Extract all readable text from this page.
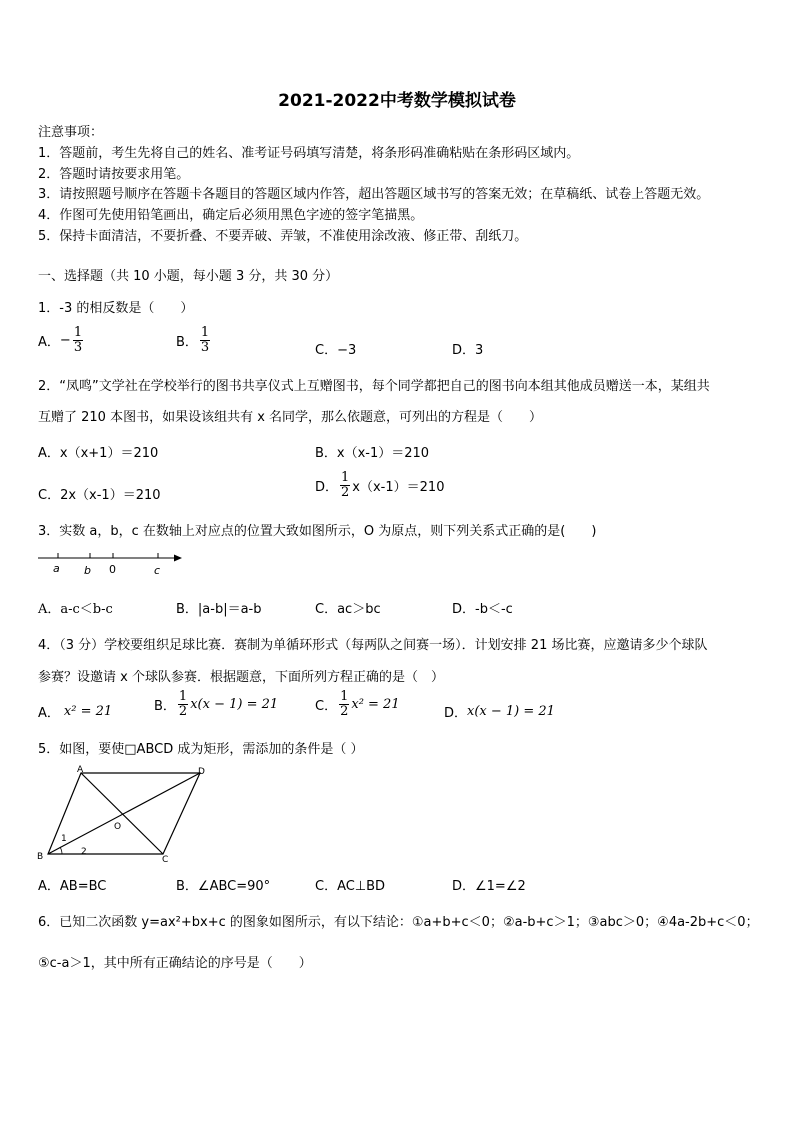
2021-2022中考数学模拟试卷
注意事项：
1．答题前，考生先将自己的姓名、准考证号码填写清楚，将条形码准确粘贴在条形码区域内。
2．答题时请按要求用笔。
3．请按照题号顺序在答题卡各题目的答题区域内作答，超出答题区域书写的答案无效；在草稿纸、试卷上答题无效。
4．作图可先使用铅笔画出，确定后必须用黑色字迹的签字笔描黑。
5．保持卡面清洁，不要折叠、不要弄破、弄皱，不准使用涂改液、修正带、刮纸刀。
一、选择题（共 10 小题，每小题 3 分，共 30 分）
1．-3 的相反数是（　　）
A． − $\frac{1}{3}$	B． $\frac{1}{3}$	C．−3	D．3
2．“凤鸣”文学社在学校举行的图书共享仪式上互赠图书，每个同学都把自己的图书向本组其他成员赠送一本，某组共
互赠了 210 本图书，如果设该组共有 x 名同学，那么依题意，可列出的方程是（　　）
A．x（x+1）＝210	B．x（x-1）＝210
C．2x（x-1）＝210
D． $\frac{1}{2} x(x-1)=210$
3．实数 a，b，c 在数轴上对应点的位置大致如图所示，O 为原点，则下列关系式正确的是(　　)
a b 0	c
A．a-c＜b-c	B．|a-b|＝a-b	C．ac＞bc	D．-b＜-c
4．（3 分）学校要组织足球比赛．赛制为单循环形式（每两队之间赛一场）．计划安排 21 场比赛，应邀请多少个球队
参赛？设邀请 x 个球队参赛．根据题意，下面所列方程正确的是（　）
A． x² = 21	B． $\frac{1}{2} x(x - 1) = 21$	C． $\frac{1}{2} x^2 = 21$
D． x(x − 1) = 21
5．如图，要使□ABCD 成为矩形，需添加的条件是（ ）
A	D
B	C
O
1
2
A．AB=BC	B．∠ABC=90°	C．AC⊥BD	D．∠1=∠2
6．已知二次函数 y=ax²+bx+c 的图象如图所示，有以下结论：①a+b+c＜0；②a-b+c＞1；③abc＞0；④4a-2b+c＜0；
⑤c-a＞1，其中所有正确结论的序号是（　　）
